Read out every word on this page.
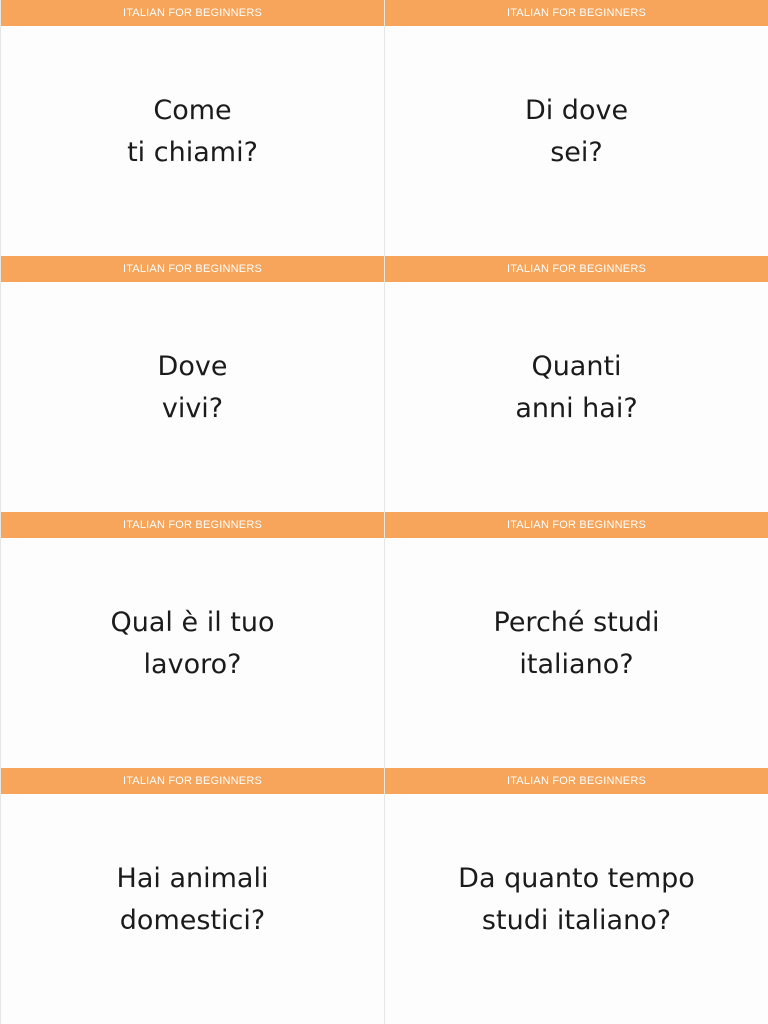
ITALIAN FOR BEGINNERS
Come
ti chiami?
ITALIAN FOR BEGINNERS
Di dove
sei?
ITALIAN FOR BEGINNERS
Dove
vivi?
ITALIAN FOR BEGINNERS
Quanti
anni hai?
ITALIAN FOR BEGINNERS
Qual è il tuo
lavoro?
ITALIAN FOR BEGINNERS
Perché studi
italiano?
ITALIAN FOR BEGINNERS
Hai animali
domestici?
ITALIAN FOR BEGINNERS
Da quanto tempo
studi italiano?
